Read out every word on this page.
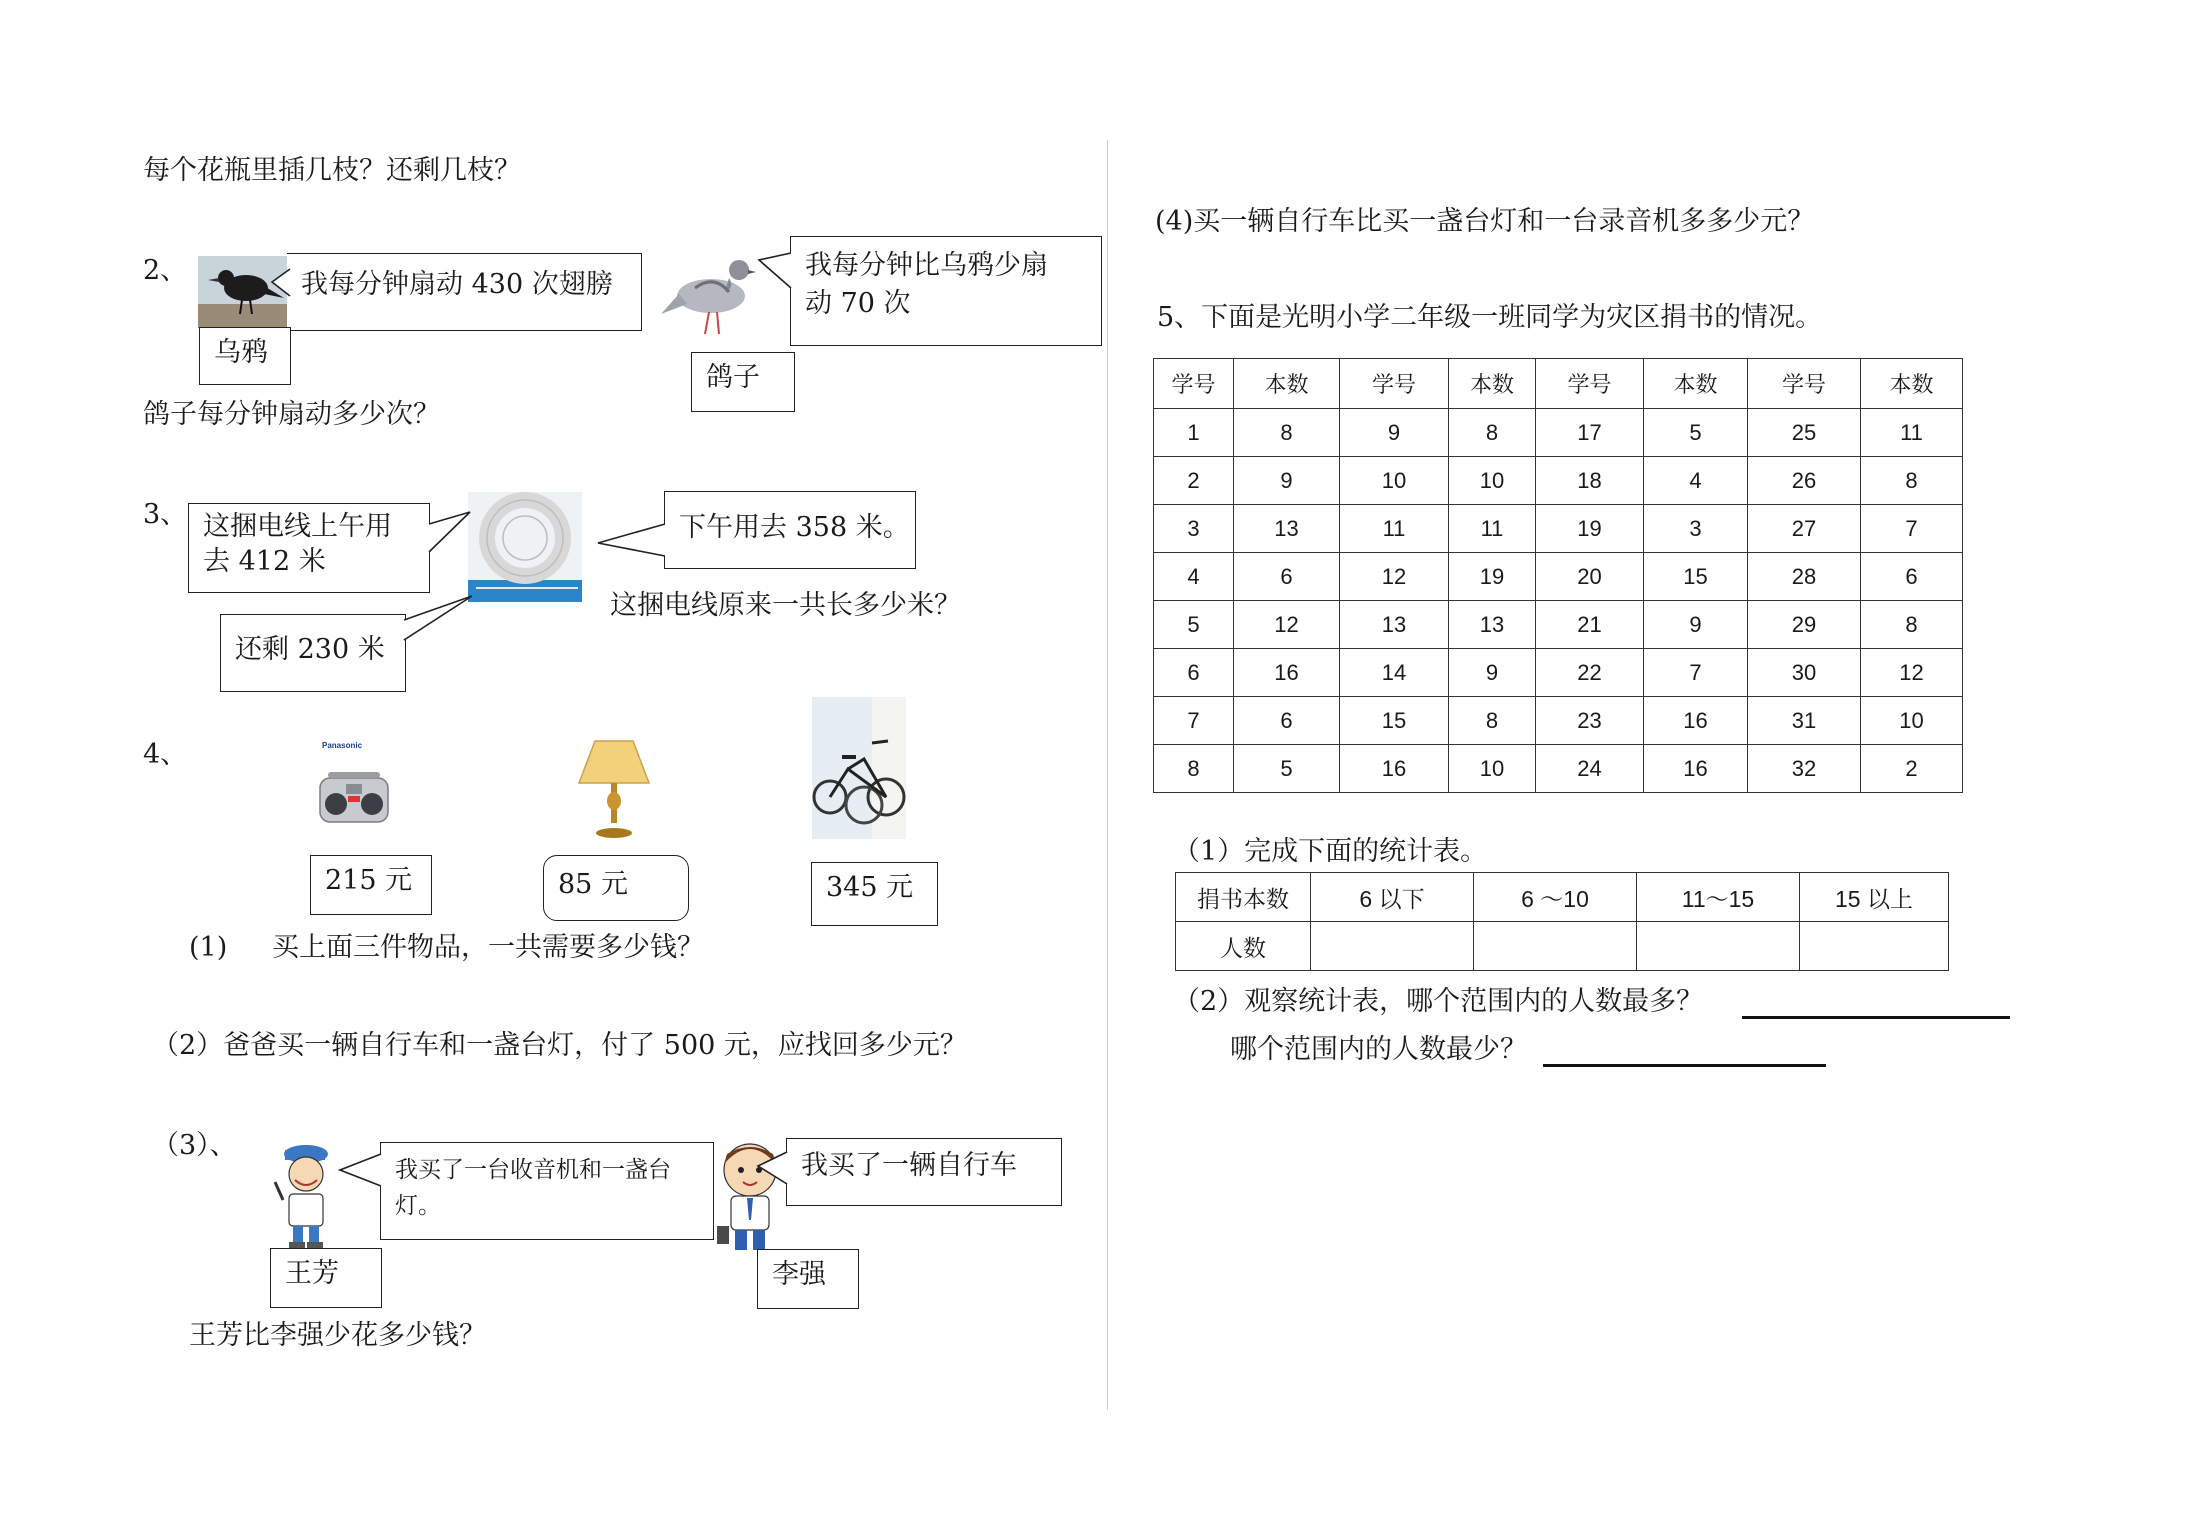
每个花瓶里插几枝？还剩几枝？
2、	我每分钟扇动 430 次翅膀
乌鸦
我每分钟比乌鸦少扇
动 70 次
鸽子
鸽子每分钟扇动多少次？
3、 这捆电线上午用
去 412 米
下午用去 358 米。
还剩 230 米
这捆电线原来一共长多少米？
4、	Panasonic
215 元	85 元	345 元
(1) 买上面三件物品，一共需要多少钱？
（2）爸爸买一辆自行车和一盏台灯，付了 500 元，应找回多少元？
（3）、
我买了一台收音机和一盏台
灯。
王芳
我买了一辆自行车
李强
王芳比李强少花多少钱？
(4)买一辆自行车比买一盏台灯和一台录音机多多少元？
5、下面是光明小学二年级一班同学为灾区捐书的情况。
学号	本数	学号	本数	学号	本数	学号	本数
1	8	9	8	17	5	25	11
2	9	10	10	18	4	26	8
3	13	11	11	19	3	27	7
4	6	12	19	20	15	28	6
5	12	13	13	21	9	29	8
6	16	14	9	22	7	30	12
7	6	15	8	23	16	31	10
8	5	16	10	24	16	32	2
（1）完成下面的统计表。
捐书本数	6 以下	6 ～10	11～15	15 以上
人数				
（2）观察统计表，哪个范围内的人数最多？
哪个范围内的人数最少？
